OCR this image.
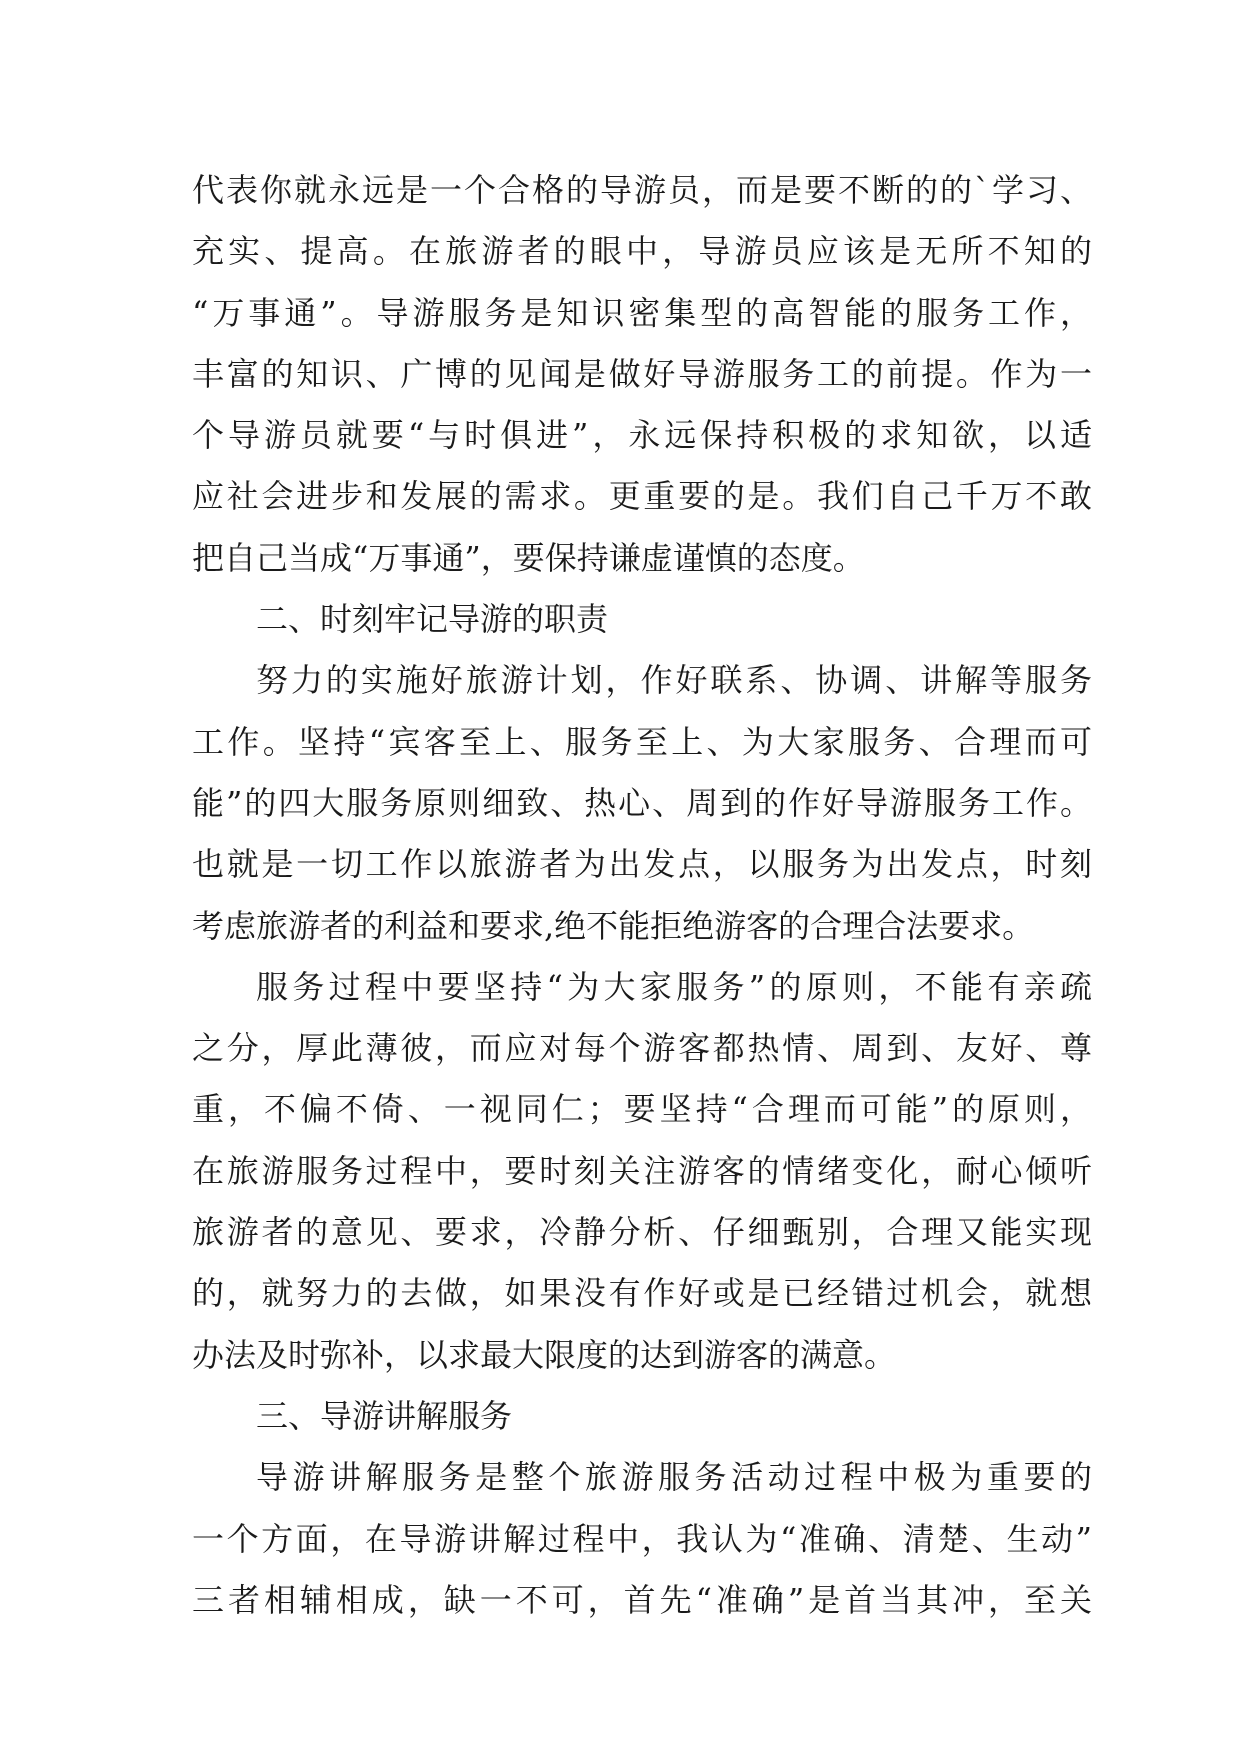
代表你就永远是一个合格的导游员，而是要不断的的`学习、
充实、提高。在旅游者的眼中，导游员应该是无所不知的
“万事通”。导游服务是知识密集型的高智能的服务工作，
丰富的知识、广博的见闻是做好导游服务工的前提。作为一
个导游员就要“与时俱进”，永远保持积极的求知欲，以适
应社会进步和发展的需求。更重要的是。我们自己千万不敢
把自己当成“万事通”，要保持谦虚谨慎的态度。
二、时刻牢记导游的职责
努力的实施好旅游计划，作好联系、协调、讲解等服务
工作。坚持“宾客至上、服务至上、为大家服务、合理而可
能”的四大服务原则细致、热心、周到的作好导游服务工作。
也就是一切工作以旅游者为出发点，以服务为出发点，时刻
考虑旅游者的利益和要求,绝不能拒绝游客的合理合法要求。
服务过程中要坚持“为大家服务”的原则，不能有亲疏
之分，厚此薄彼，而应对每个游客都热情、周到、友好、尊
重，不偏不倚、一视同仁；要坚持“合理而可能”的原则，
在旅游服务过程中，要时刻关注游客的情绪变化，耐心倾听
旅游者的意见、要求，冷静分析、仔细甄别，合理又能实现
的，就努力的去做，如果没有作好或是已经错过机会，就想
办法及时弥补，以求最大限度的达到游客的满意。
三、导游讲解服务
导游讲解服务是整个旅游服务活动过程中极为重要的
一个方面，在导游讲解过程中，我认为“准确、清楚、生动”
三者相辅相成，缺一不可，首先“准确”是首当其冲，至关
